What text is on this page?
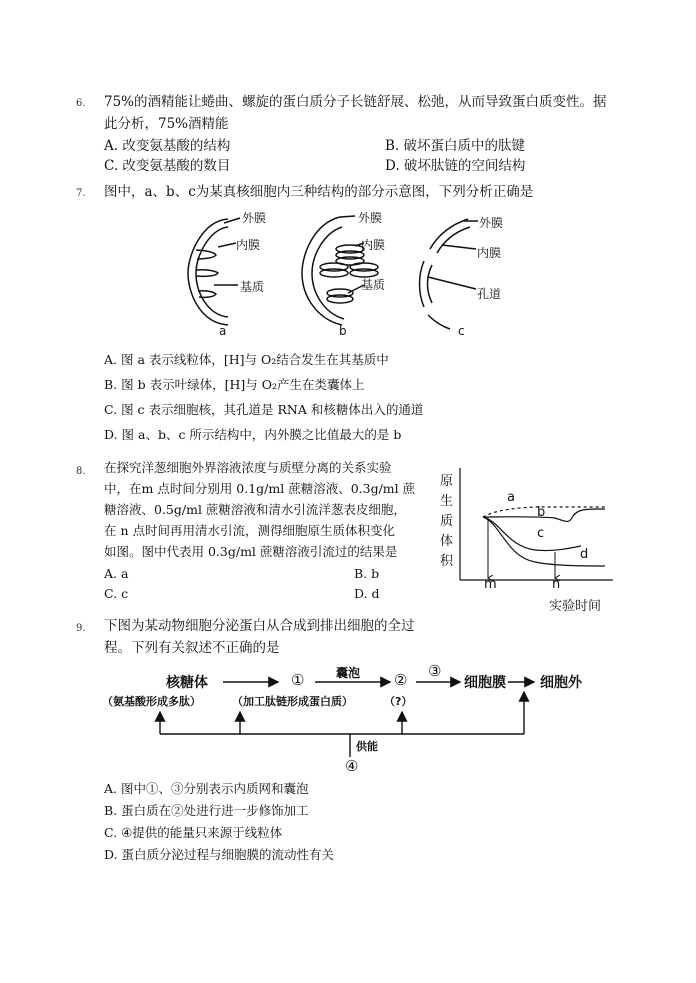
6. 75%的酒精能让蜷曲、螺旋的蛋白质分子长链舒展、松弛，从而导致蛋白质变性。据
此分析，75%酒精能
A. 改变氨基酸的结构	B. 破坏蛋白质中的肽键
C. 改变氨基酸的数目	D. 破坏肽链的空间结构
7. 图中，a、b、c为某真核细胞内三种结构的部分示意图，下列分析正确是
外膜
内膜
基质
a
外膜
内膜
基质
b
外膜
内膜
孔道
c
A. 图 a 表示线粒体，[H]与 O₂结合发生在其基质中
B. 图 b 表示叶绿体，[H]与 O₂产生在类囊体上
C. 图 c 表示细胞核，其孔道是 RNA 和核糖体出入的通道
D. 图 a、b、c 所示结构中，内外膜之比值最大的是 b
8. 在探究洋葱细胞外界溶液浓度与质壁分离的关系实验
中，在m 点时间分别用 0.1g/ml 蔗糖溶液、0.3g/ml 蔗
糖溶液、0.5g/ml 蔗糖溶液和清水引流洋葱表皮细胞，
在 n 点时间再用清水引流，测得细胞原生质体积变化
如图。图中代表用 0.3g/ml 蔗糖溶液引流过的结果是
A. a	B. b
C. c	D. d
原
生
质
体
积
a
b
c
d
m	n
实验时间
9. 下图为某动物细胞分泌蛋白从合成到排出细胞的全过
程。下列有关叙述不正确的是
核糖体	①	囊泡 ② ③
细胞膜 细胞外
（氨基酸形成多肽）	（加工肽链形成蛋白质）	（?）
供能
④
A. 图中①、③分别表示内质网和囊泡
B. 蛋白质在②处进行进一步修饰加工
C. ④提供的能量只来源于线粒体
D. 蛋白质分泌过程与细胞膜的流动性有关
